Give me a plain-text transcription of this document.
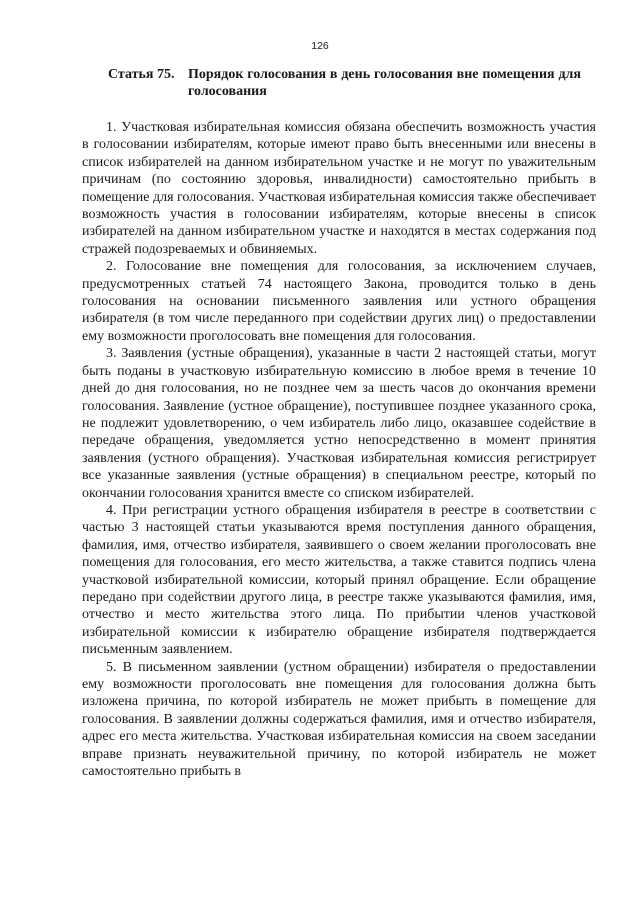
126
Статья 75. Порядок голосования в день голосования вне помещения для голосования

1. Участковая избирательная комиссия обязана обеспечить возможность участия в голосовании избирателям, которые имеют право быть внесенными или внесены в список избирателей на данном избирательном участке и не могут по уважительным причинам (по состоянию здоровья, инвалидности) самостоятельно прибыть в помещение для голосования. Участковая избирательная комиссия также обеспечивает возможность участия в голосовании избирателям, которые внесены в список избирателей на данном избирательном участке и находятся в местах содержания под стражей подозреваемых и обвиняемых.

2. Голосование вне помещения для голосования, за исключением случаев, предусмотренных статьей 74 настоящего Закона, проводится только в день голосования на основании письменного заявления или устного обращения избирателя (в том числе переданного при содействии других лиц) о предоставлении ему возможности проголосовать вне помещения для голосования.

3. Заявления (устные обращения), указанные в части 2 настоящей статьи, могут быть поданы в участковую избирательную комиссию в любое время в течение 10 дней до дня голосования, но не позднее чем за шесть часов до окончания времени голосования. Заявление (устное обращение), поступившее позднее указанного срока, не подлежит удовлетворению, о чем избиратель либо лицо, оказавшее содействие в передаче обращения, уведомляется устно непосредственно в момент принятия заявления (устного обращения). Участковая избирательная комиссия регистрирует все указанные заявления (устные обращения) в специальном реестре, который по окончании голосования хранится вместе со списком избирателей.

4. При регистрации устного обращения избирателя в реестре в соответствии с частью 3 настоящей статьи указываются время поступления данного обращения, фамилия, имя, отчество избирателя, заявившего о своем желании проголосовать вне помещения для голосования, его место жительства, а также ставится подпись члена участковой избирательной комиссии, который принял обращение. Если обращение передано при содействии другого лица, в реестре также указываются фамилия, имя, отчество и место жительства этого лица. По прибытии членов участковой избирательной комиссии к избирателю обращение избирателя подтверждается письменным заявлением.

5. В письменном заявлении (устном обращении) избирателя о предоставлении ему возможности проголосовать вне помещения для голосования должна быть изложена причина, по которой избиратель не может прибыть в помещение для голосования. В заявлении должны содержаться фамилия, имя и отчество избирателя, адрес его места жительства. Участковая избирательная комиссия на своем заседании вправе признать неуважительной причину, по которой избиратель не может самостоятельно прибыть в
